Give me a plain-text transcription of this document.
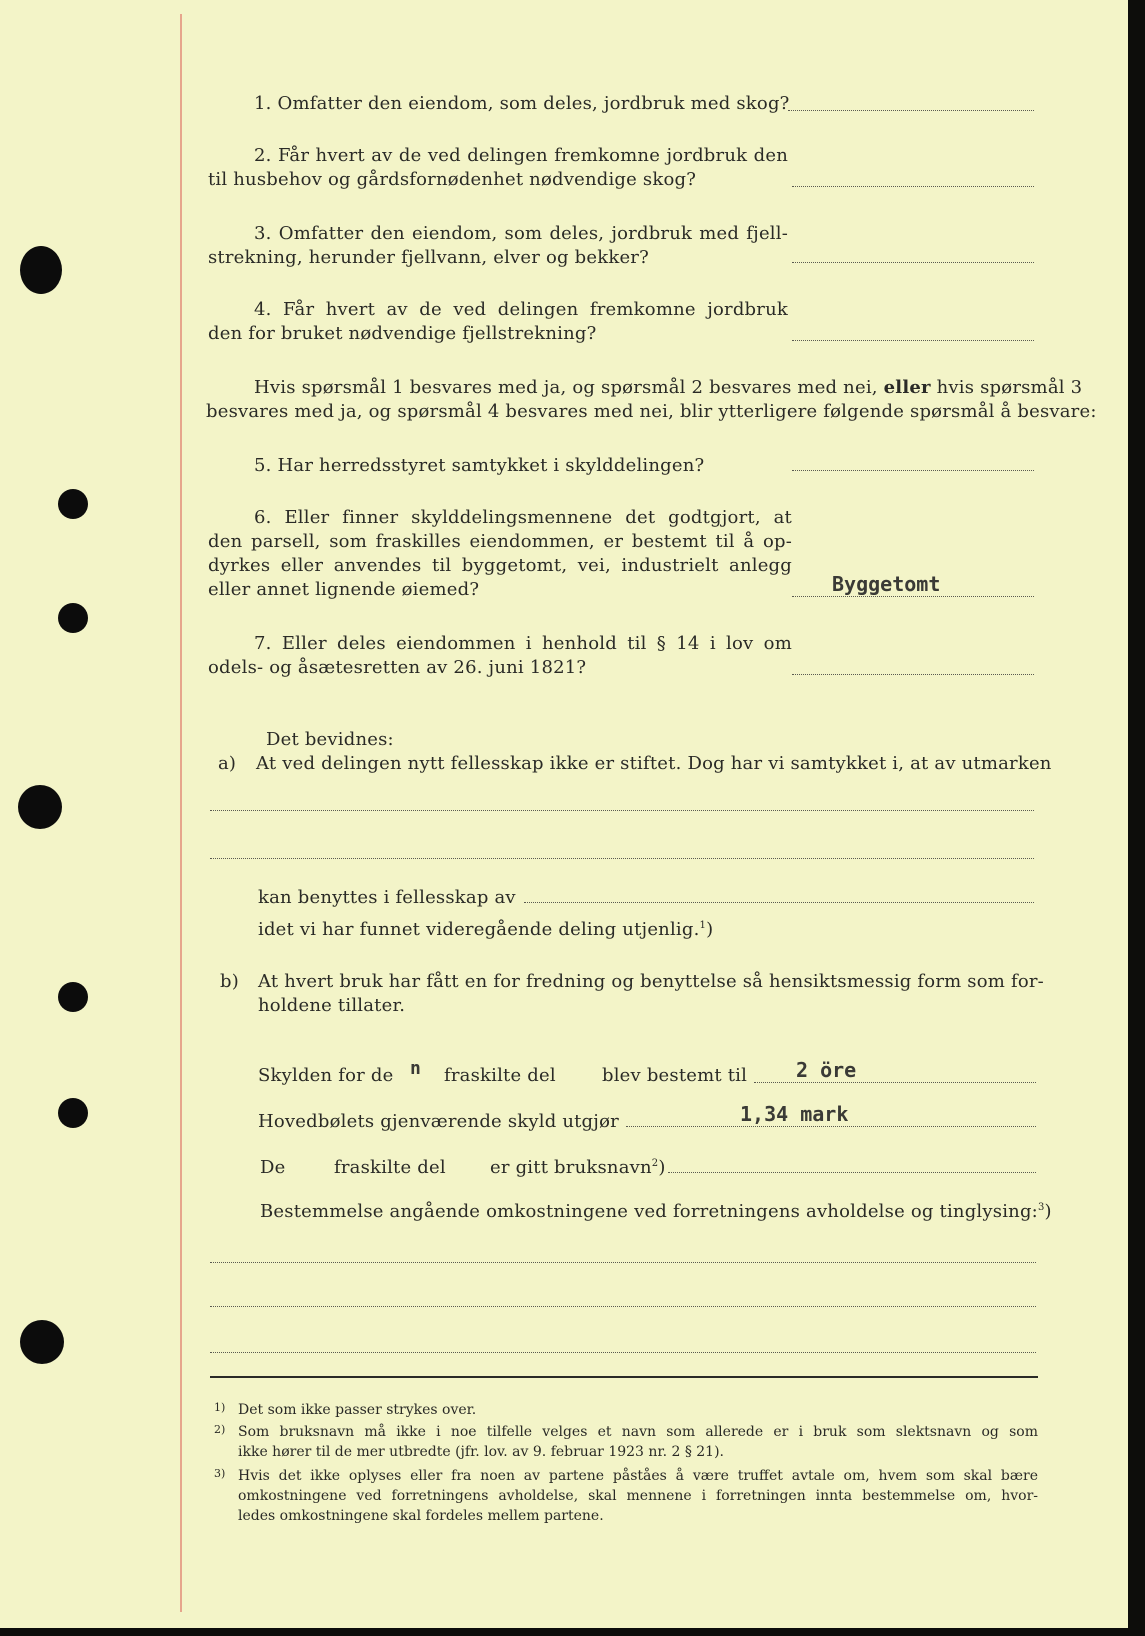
1. Omfatter den eiendom, som deles, jordbruk med skog?
2. Får hvert av de ved delingen fremkomne jordbruk den
til husbehov og gårdsfornødenhet nødvendige skog?
3. Omfatter den eiendom, som deles, jordbruk med fjell-
strekning, herunder fjellvann, elver og bekker?
4. Får hvert av de ved delingen fremkomne jordbruk
den for bruket nødvendige fjellstrekning?
Hvis spørsmål 1 besvares med ja, og spørsmål 2 besvares med nei, eller hvis spørsmål 3
besvares med ja, og spørsmål 4 besvares med nei, blir ytterligere følgende spørsmål å besvare:
5. Har herredsstyret samtykket i skylddelingen?
6. Eller finner skylddelingsmennene det godtgjort, at
den parsell, som fraskilles eiendommen, er bestemt til å op-
dyrkes eller anvendes til byggetomt, vei, industrielt anlegg
eller annet lignende øiemed?	Byggetomt
7. Eller deles eiendommen i henhold til § 14 i lov om
odels- og åsætesretten av 26. juni 1821?
Det bevidnes:
a) At ved delingen nytt fellesskap ikke er stiftet. Dog har vi samtykket i, at av utmarken
kan benyttes i fellesskap av
idet vi har funnet videregående deling utjenlig.$^1$)
b) At hvert bruk har fått en for fredning og benyttelse så hensiktsmessig form som for-
holdene tillater.
Skylden for de n fraskilte del	blev bestemt til 2 öre
Hovedbølets gjenværende skyld utgjør	1,34 mark
De	fraskilte del er gitt bruksnavn$^2$)
Bestemmelse angående omkostningene ved forretningens avholdelse og tinglysing:$^3$)
1) Det som ikke passer strykes over.
2) Som bruksnavn må ikke i noe tilfelle velges et navn som allerede er i bruk som slektsnavn og som
ikke hører til de mer utbredte (jfr. lov. av 9. februar 1923 nr. 2 § 21).
3) Hvis det ikke oplyses eller fra noen av partene påståes å være truffet avtale om, hvem som skal bære
omkostningene ved forretningens avholdelse, skal mennene i forretningen innta bestemmelse om, hvor-
ledes omkostningene skal fordeles mellem partene.
